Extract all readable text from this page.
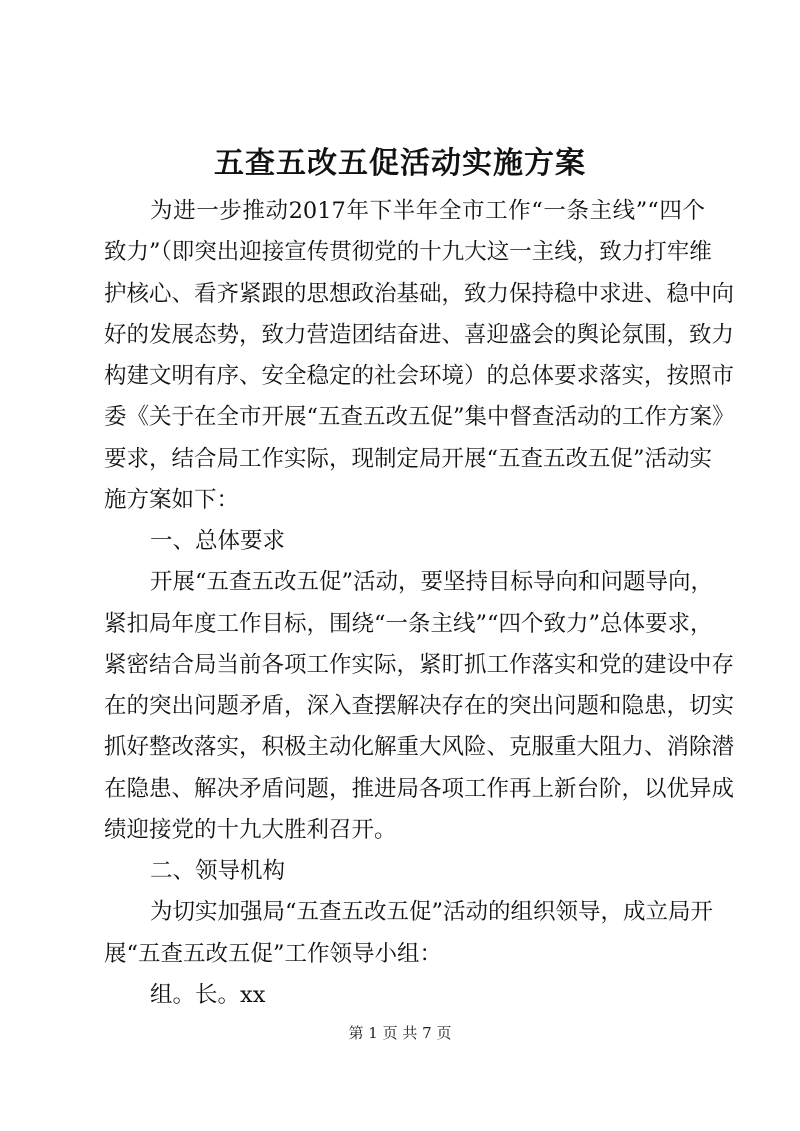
五查五改五促活动实施方案
为进一步推动2017年下半年全市工作“一条主线”“四个
致力”（即突出迎接宣传贯彻党的十九大这一主线，致力打牢维
护核心、看齐紧跟的思想政治基础，致力保持稳中求进、稳中向
好的发展态势，致力营造团结奋进、喜迎盛会的舆论氛围，致力
构建文明有序、安全稳定的社会环境）的总体要求落实，按照市
委《关于在全市开展“五查五改五促”集中督查活动的工作方案》
要求，结合局工作实际，现制定局开展“五查五改五促”活动实
施方案如下：
一、总体要求
开展“五查五改五促”活动，要坚持目标导向和问题导向，
紧扣局年度工作目标，围绕“一条主线”“四个致力”总体要求，
紧密结合局当前各项工作实际，紧盯抓工作落实和党的建设中存
在的突出问题矛盾，深入查摆解决存在的突出问题和隐患，切实
抓好整改落实，积极主动化解重大风险、克服重大阻力、消除潜
在隐患、解决矛盾问题，推进局各项工作再上新台阶，以优异成
绩迎接党的十九大胜利召开。
二、领导机构
为切实加强局“五查五改五促”活动的组织领导，成立局开
展“五查五改五促”工作领导小组：
组。长。xx
第 1 页 共 7 页
